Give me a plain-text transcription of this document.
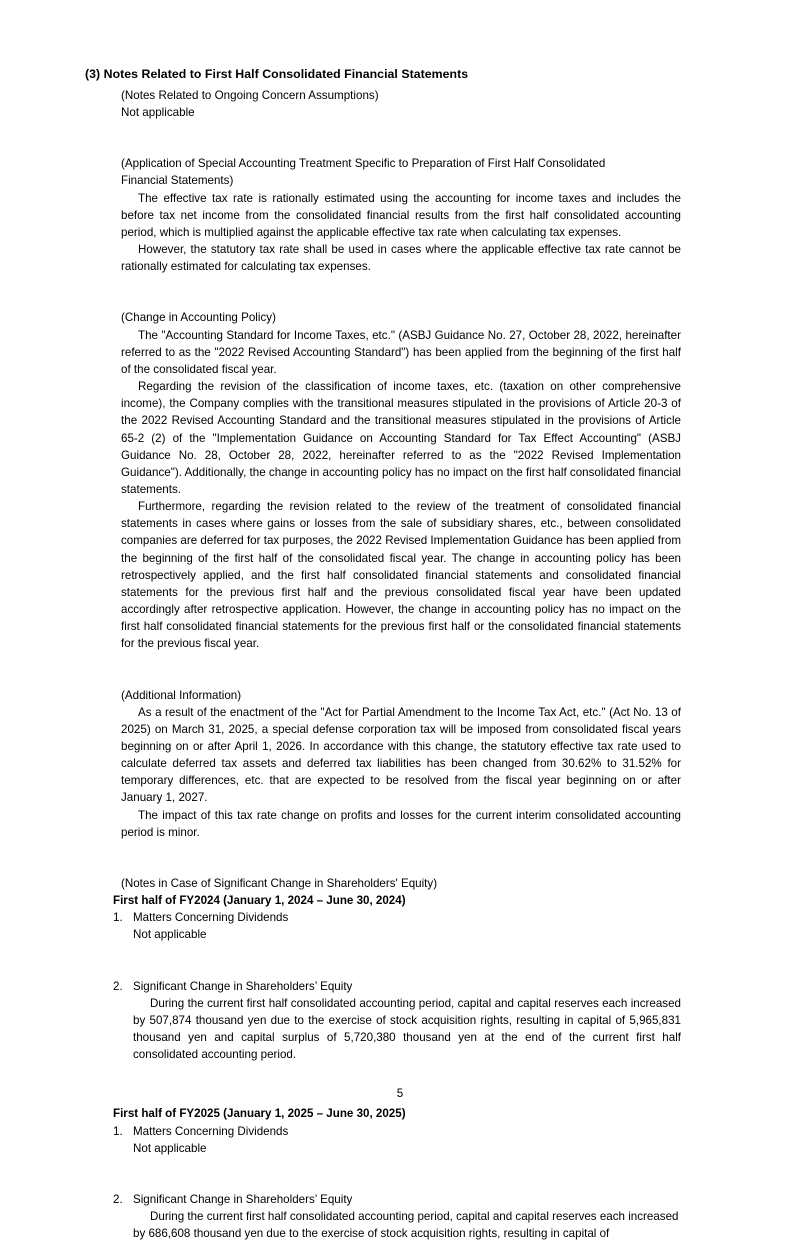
(3) Notes Related to First Half Consolidated Financial Statements

(Notes Related to Ongoing Concern Assumptions)

Not applicable

(Application of Special Accounting Treatment Specific to Preparation of First Half Consolidated

Financial Statements)

The effective tax rate is rationally estimated using the accounting for income taxes and includes the before tax net income from the consolidated financial results from the first half consolidated accounting period, which is multiplied against the applicable effective tax rate when calculating tax expenses.

However, the statutory tax rate shall be used in cases where the applicable effective tax rate cannot be rationally estimated for calculating tax expenses.

(Change in Accounting Policy)

The "Accounting Standard for Income Taxes, etc." (ASBJ Guidance No. 27, October 28, 2022, hereinafter referred to as the "2022 Revised Accounting Standard") has been applied from the beginning of the first half of the consolidated fiscal year.

Regarding the revision of the classification of income taxes, etc. (taxation on other comprehensive income), the Company complies with the transitional measures stipulated in the provisions of Article 20-3 of the 2022 Revised Accounting Standard and the transitional measures stipulated in the provisions of Article 65-2 (2) of the "Implementation Guidance on Accounting Standard for Tax Effect Accounting" (ASBJ Guidance No. 28, October 28, 2022, hereinafter referred to as the "2022 Revised Implementation Guidance"). Additionally, the change in accounting policy has no impact on the first half consolidated financial statements.

Furthermore, regarding the revision related to the review of the treatment of consolidated financial statements in cases where gains or losses from the sale of subsidiary shares, etc., between consolidated companies are deferred for tax purposes, the 2022 Revised Implementation Guidance has been applied from the beginning of the first half of the consolidated fiscal year. The change in accounting policy has been retrospectively applied, and the first half consolidated financial statements and consolidated financial statements for the previous first half and the previous consolidated fiscal year have been updated accordingly after retrospective application. However, the change in accounting policy has no impact on the first half consolidated financial statements for the previous first half or the consolidated financial statements for the previous fiscal year.

(Additional Information)

As a result of the enactment of the "Act for Partial Amendment to the Income Tax Act, etc." (Act No. 13 of 2025) on March 31, 2025, a special defense corporation tax will be imposed from consolidated fiscal years beginning on or after April 1, 2026. In accordance with this change, the statutory effective tax rate used to calculate deferred tax assets and deferred tax liabilities has been changed from 30.62% to 31.52% for temporary differences, etc. that are expected to be resolved from the fiscal year beginning on or after January 1, 2027.

The impact of this tax rate change on profits and losses for the current interim consolidated accounting period is minor.

(Notes in Case of Significant Change in Shareholders' Equity)

First half of FY2024 (January 1, 2024 – June 30, 2024)

1. Matters Concerning Dividends

Not applicable

2. Significant Change in Shareholders’ Equity

During the current first half consolidated accounting period, capital and capital reserves each increased by 507,874 thousand yen due to the exercise of stock acquisition rights, resulting in capital of 5,965,831 thousand yen and capital surplus of 5,720,380 thousand yen at the end of the current first half consolidated accounting period.

First half of FY2025 (January 1, 2025 – June 30, 2025)

1. Matters Concerning Dividends

Not applicable

2. Significant Change in Shareholders’ Equity

During the current first half consolidated accounting period, capital and capital reserves each increased by 686,608 thousand yen due to the exercise of stock acquisition rights, resulting in capital of

5
